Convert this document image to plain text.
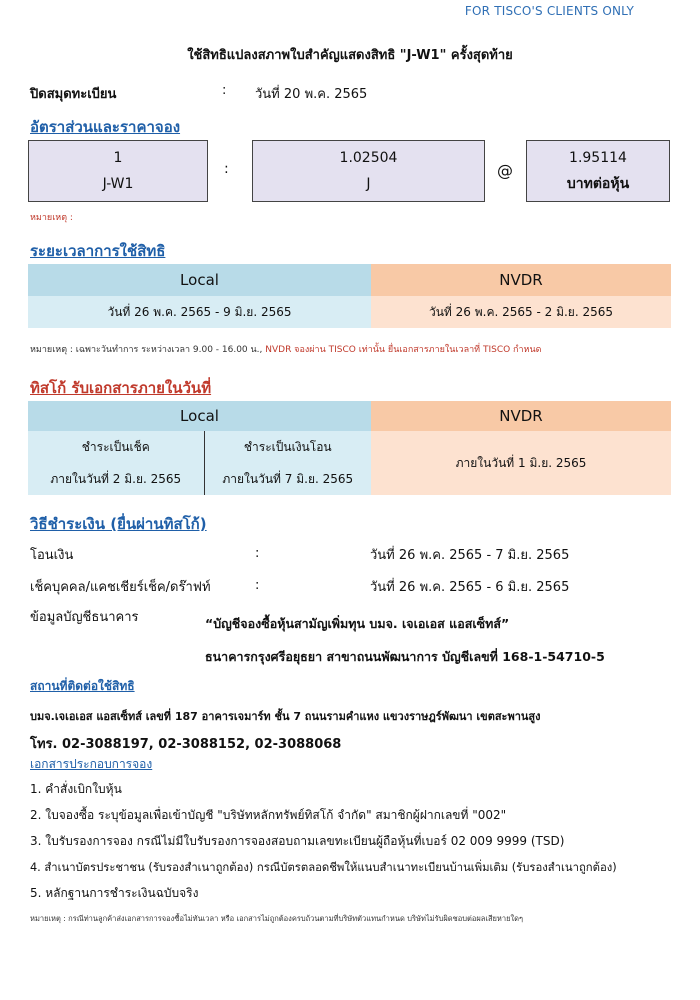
FOR TISCO'S CLIENTS ONLY
ใช้สิทธิแปลงสภาพใบสำคัญแสดงสิทธิ "J-W1" ครั้งสุดท้าย
ปิดสมุดทะเบียน	: วันที่ 20 พ.ค. 2565
อัตราส่วนและราคาจอง
1
J-W1
:
1.02504
J
@
1.95114
บาทต่อหุ้น
หมายเหตุ :
ระยะเวลาการใช้สิทธิ
Local	NVDR
วันที่ 26 พ.ค. 2565 - 9 มิ.ย. 2565	วันที่ 26 พ.ค. 2565 - 2 มิ.ย. 2565
หมายเหตุ : เฉพาะวันทำการ ระหว่างเวลา 9.00 - 16.00 น., NVDR จองผ่าน TISCO เท่านั้น ยื่นเอกสารภายในเวลาที่ TISCO กำหนด
ทิสโก้ รับเอกสารภายในวันที่
Local		NVDR
ชำระเป็นเช็ค	ชำระเป็นเงินโอน	ภายในวันที่ 1 มิ.ย. 2565
ภายในวันที่ 2 มิ.ย. 2565	ภายในวันที่ 7 มิ.ย. 2565	
วิธีชำระเงิน (ยื่นผ่านทิสโก้)
โอนเงิน	:	วันที่ 26 พ.ค. 2565 - 7 มิ.ย. 2565
เช็คบุคคล/แคชเชียร์เช็ค/ดร๊าฟท์	:	วันที่ 26 พ.ค. 2565 - 6 มิ.ย. 2565
ข้อมูลบัญชีธนาคาร	“บัญชีจองซื้อหุ้นสามัญเพิ่มทุน บมจ. เจเอเอส แอสเซ็ทส์”
ธนาคารกรุงศรีอยุธยา สาขาถนนพัฒนาการ บัญชีเลขที่ 168-1-54710-5
สถานที่ติดต่อใช้สิทธิ
บมจ.เจเอเอส แอสเซ็ทส์ เลขที่ 187 อาคารเจมาร์ท ชั้น 7 ถนนรามคำแหง แขวงราษฎร์พัฒนา เขตสะพานสูง
โทร. 02-3088197, 02-3088152, 02-3088068
เอกสารประกอบการจอง
1. คำสั่งเบิกใบหุ้น
2. ใบจองซื้อ ระบุข้อมูลเพื่อเข้าบัญชี "บริษัทหลักทรัพย์ทิสโก้ จำกัด" สมาชิกผู้ฝากเลขที่ "002"
3. ใบรับรองการจอง กรณีไม่มีใบรับรองการจองสอบถามเลขทะเบียนผู้ถือหุ้นที่เบอร์ 02 009 9999 (TSD)
4. สำเนาบัตรประชาชน (รับรองสำเนาถูกต้อง) กรณีบัตรตลอดชีพให้แนบสำเนาทะเบียนบ้านเพิ่มเติม (รับรองสำเนาถูกต้อง)
5. หลักฐานการชำระเงินฉบับจริง
หมายเหตุ : กรณีท่านลูกค้าส่งเอกสารการจองซื้อไม่ทันเวลา หรือ เอกสารไม่ถูกต้องครบถ้วนตามที่บริษัทตัวแทนกำหนด บริษัทไม่รับผิดชอบต่อผลเสียหายใดๆ
